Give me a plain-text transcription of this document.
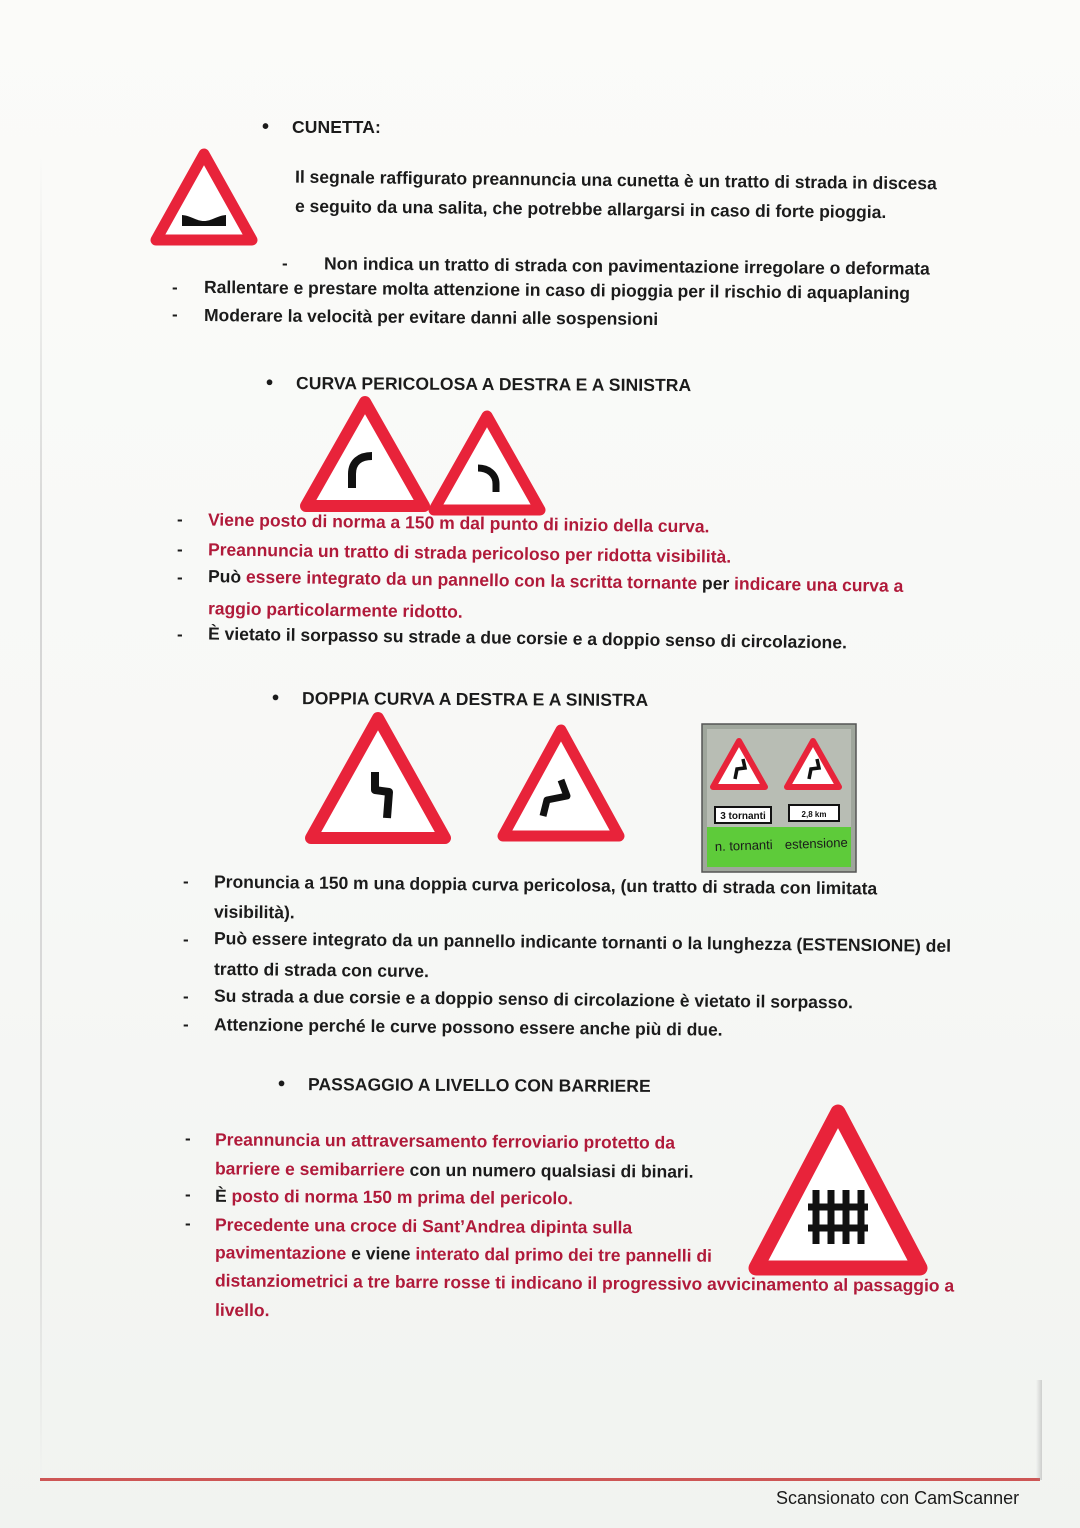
• CUNETTA:
Il segnale raffigurato preannuncia una cunetta è un tratto di strada in discesa
e seguito da una salita, che potrebbe allargarsi in caso di forte pioggia.
- Non indica un tratto di strada con pavimentazione irregolare o deformata
- Rallentare e prestare molta attenzione in caso di pioggia per il rischio di aquaplaning
- Moderare la velocità per evitare danni alle sospensioni
• CURVA PERICOLOSA A DESTRA E A SINISTRA
- Viene posto di norma a 150 m dal punto di inizio della curva.
- Preannuncia un tratto di strada pericoloso per ridotta visibilità.
- Può essere integrato da un pannello con la scritta tornante per indicare una curva a
raggio particolarmente ridotto.
- È vietato il sorpasso su strade a due corsie e a doppio senso di circolazione.
• DOPPIA CURVA A DESTRA E A SINISTRA
3 tornanti	2,8 km
n. tornanti estensione
- Pronuncia a 150 m una doppia curva pericolosa, (un tratto di strada con limitata
visibilità).
- Può essere integrato da un pannello indicante tornanti o la lunghezza (ESTENSIONE) del
tratto di strada con curve.
- Su strada a due corsie e a doppio senso di circolazione è vietato il sorpasso.
- Attenzione perché le curve possono essere anche più di due.
• PASSAGGIO A LIVELLO CON BARRIERE
- Preannuncia un attraversamento ferroviario protetto da
barriere e semibarriere con un numero qualsiasi di binari.
- È posto di norma 150 m prima del pericolo.
- Precedente una croce di Sant’Andrea dipinta sulla
pavimentazione e viene interato dal primo dei tre pannelli di
distanziometrici a tre barre rosse ti indicano il progressivo avvicinamento al passaggio a
livello.
Scansionato con CamScanner
